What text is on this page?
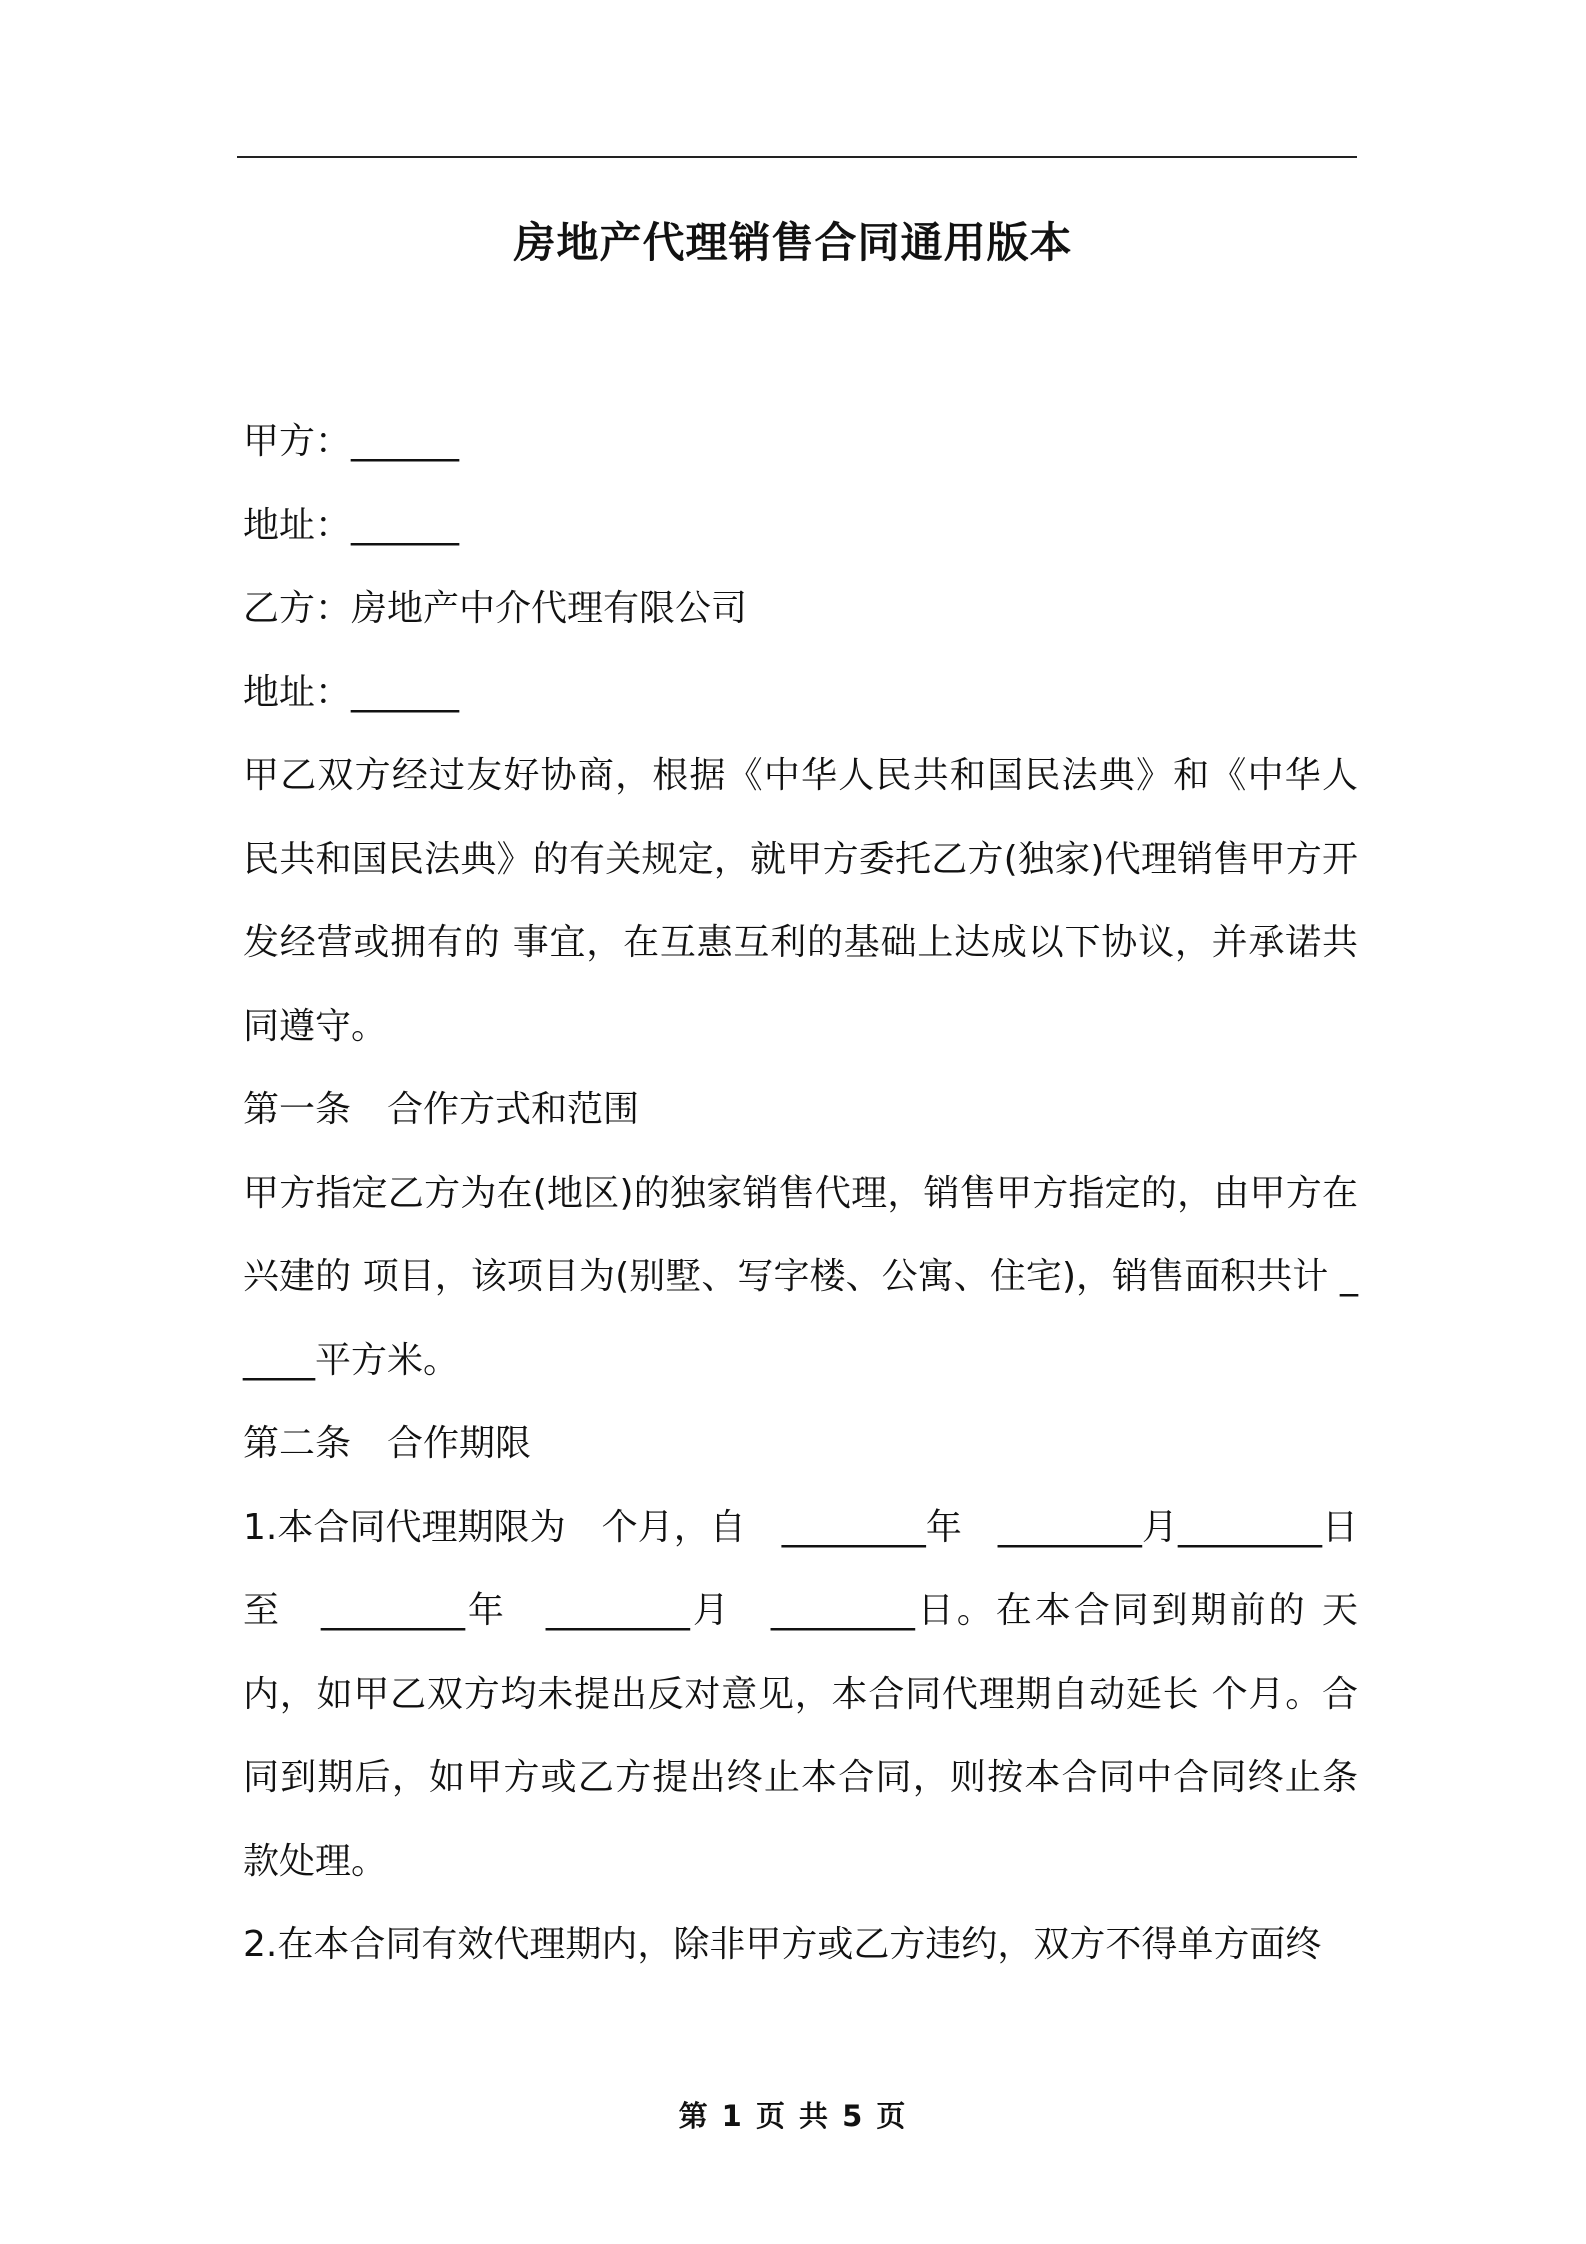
房地产代理销售合同通用版本

甲方：______

地址：______

乙方：房地产中介代理有限公司

地址：______

甲乙双方经过友好协商，根据《中华人民共和国民法典》和《中华人民共和国民法典》的有关规定，就甲方委托乙方(独家)代理销售甲方开发经营或拥有的 事宜，在互惠互利的基础上达成以下协议，并承诺共同遵守。

第一条　合作方式和范围

甲方指定乙方为在(地区)的独家销售代理，销售甲方指定的，由甲方在 兴建的 项目，该项目为(别墅、写字楼、公寓、住宅)，销售面积共计 _____平方米。

第二条　合作期限

1.本合同代理期限为　个月，自　________年　________月________日至　________年　________月　________日。在本合同到期前的 天内，如甲乙双方均未提出反对意见，本合同代理期自动延长 个月。合同到期后，如甲方或乙方提出终止本合同，则按本合同中合同终止条款处理。

2.在本合同有效代理期内，除非甲方或乙方违约，双方不得单方面终

第 1 页 共 5 页
